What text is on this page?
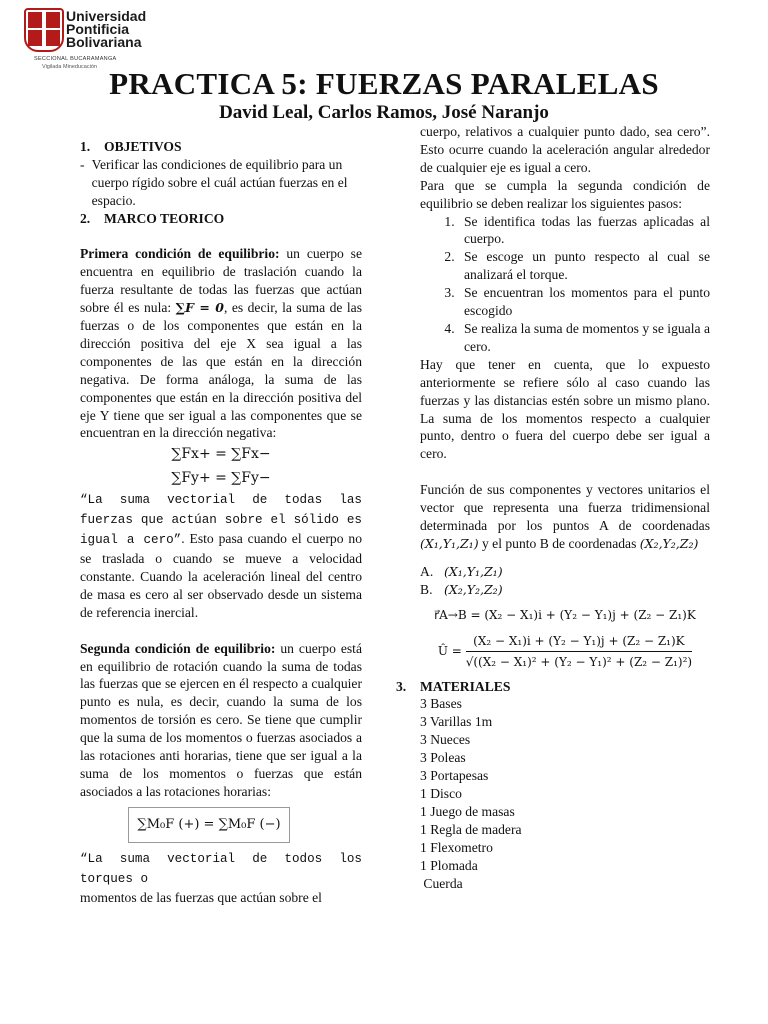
Universidad
Pontificia
Bolivariana
SECCIONAL BUCARAMANGA
Vigilada Mineducación PRACTICA 5: FUERZAS PARALELAS
David Leal, Carlos Ramos, José Naranjo
1.	OBJETIVOS
- Verificar las condiciones de equilibrio para un cuerpo rígido sobre el cuál actúan fuerzas en el espacio.
2.	MARCO TEORICO
Primera condición de equilibrio: un cuerpo se encuentra en equilibrio de traslación cuando la fuerza resultante de todas las fuerzas que actúan sobre él es nula: ∑F = 0, es decir, la suma de las fuerzas o de los componentes que están en la dirección positiva del eje X sea igual a las componentes de las que están en la dirección negativa. De forma análoga, la suma de las componentes que están en la dirección positiva del eje Y tiene que ser igual a las componentes que se encuentran en la dirección negativa:
∑Fx+ = ∑Fx−
∑Fy+ = ∑Fy−
“La suma vectorial de todas las fuerzas que actúan sobre el sólido es igual a cero”. Esto pasa cuando el cuerpo no se traslada o cuando se mueve a velocidad constante. Cuando la aceleración lineal del centro de masa es cero al ser observado desde un sistema de referencia inercial.
Segunda condición de equilibrio: un cuerpo está en equilibrio de rotación cuando la suma de todas las fuerzas que se ejercen en él respecto a cualquier punto es nula, es decir, cuando la suma de los momentos de torsión es cero. Se tiene que cumplir que la suma de los momentos o fuerzas asociados a las rotaciones anti horarias, tiene que ser igual a la suma de los momentos o fuerzas que están asociados a las rotaciones horarias:
∑M₀F (+) = ∑M₀F (−)
“La suma vectorial de todos los torques o
momentos de las fuerzas que actúan sobre el
cuerpo, relativos a cualquier punto dado, sea cero”. Esto ocurre cuando la aceleración angular alrededor de cualquier eje es igual a cero.
Para que se cumpla la segunda condición de equilibrio se deben realizar los siguientes pasos:
1. Se identifica todas las fuerzas aplicadas al cuerpo.
2. Se escoge un punto respecto al cual se analizará el torque.
3. Se encuentran los momentos para el punto escogido
4. Se realiza la suma de momentos y se iguala a cero.
Hay que tener en cuenta, que lo expuesto anteriormente se refiere sólo al caso cuando las fuerzas y las distancias estén sobre un mismo plano. La suma de los momentos respecto a cualquier punto, dentro o fuera del cuerpo debe ser igual a cero.
Función de sus componentes y vectores unitarios el vector que representa una fuerza tridimensional determinada por los puntos A de coordenadas (X₁,Y₁,Z₁) y el punto B de coordenadas (X₂,Y₂,Z₂)
A. (X₁,Y₁,Z₁)
B. (X₂,Y₂,Z₂)
r⃗A→B = (X₂ − X₁)i + (Y₂ − Y₁)j + (Z₂ − Z₁)K
Û = $\frac{\text{(X₂ − X₁)i + (Y₂ − Y₁)j + (Z₂ − Z₁)K}}{\text{√((X₂ − X₁)² + (Y₂ − Y₁)² + (Z₂ − Z₁)²)}}$
3.	MATERIALES
3 Bases
3 Varillas 1m
3 Nueces
3 Poleas
3 Portapesas
1 Disco
1 Juego de masas
1 Regla de madera
1 Flexometro
1 Plomada
Cuerda
